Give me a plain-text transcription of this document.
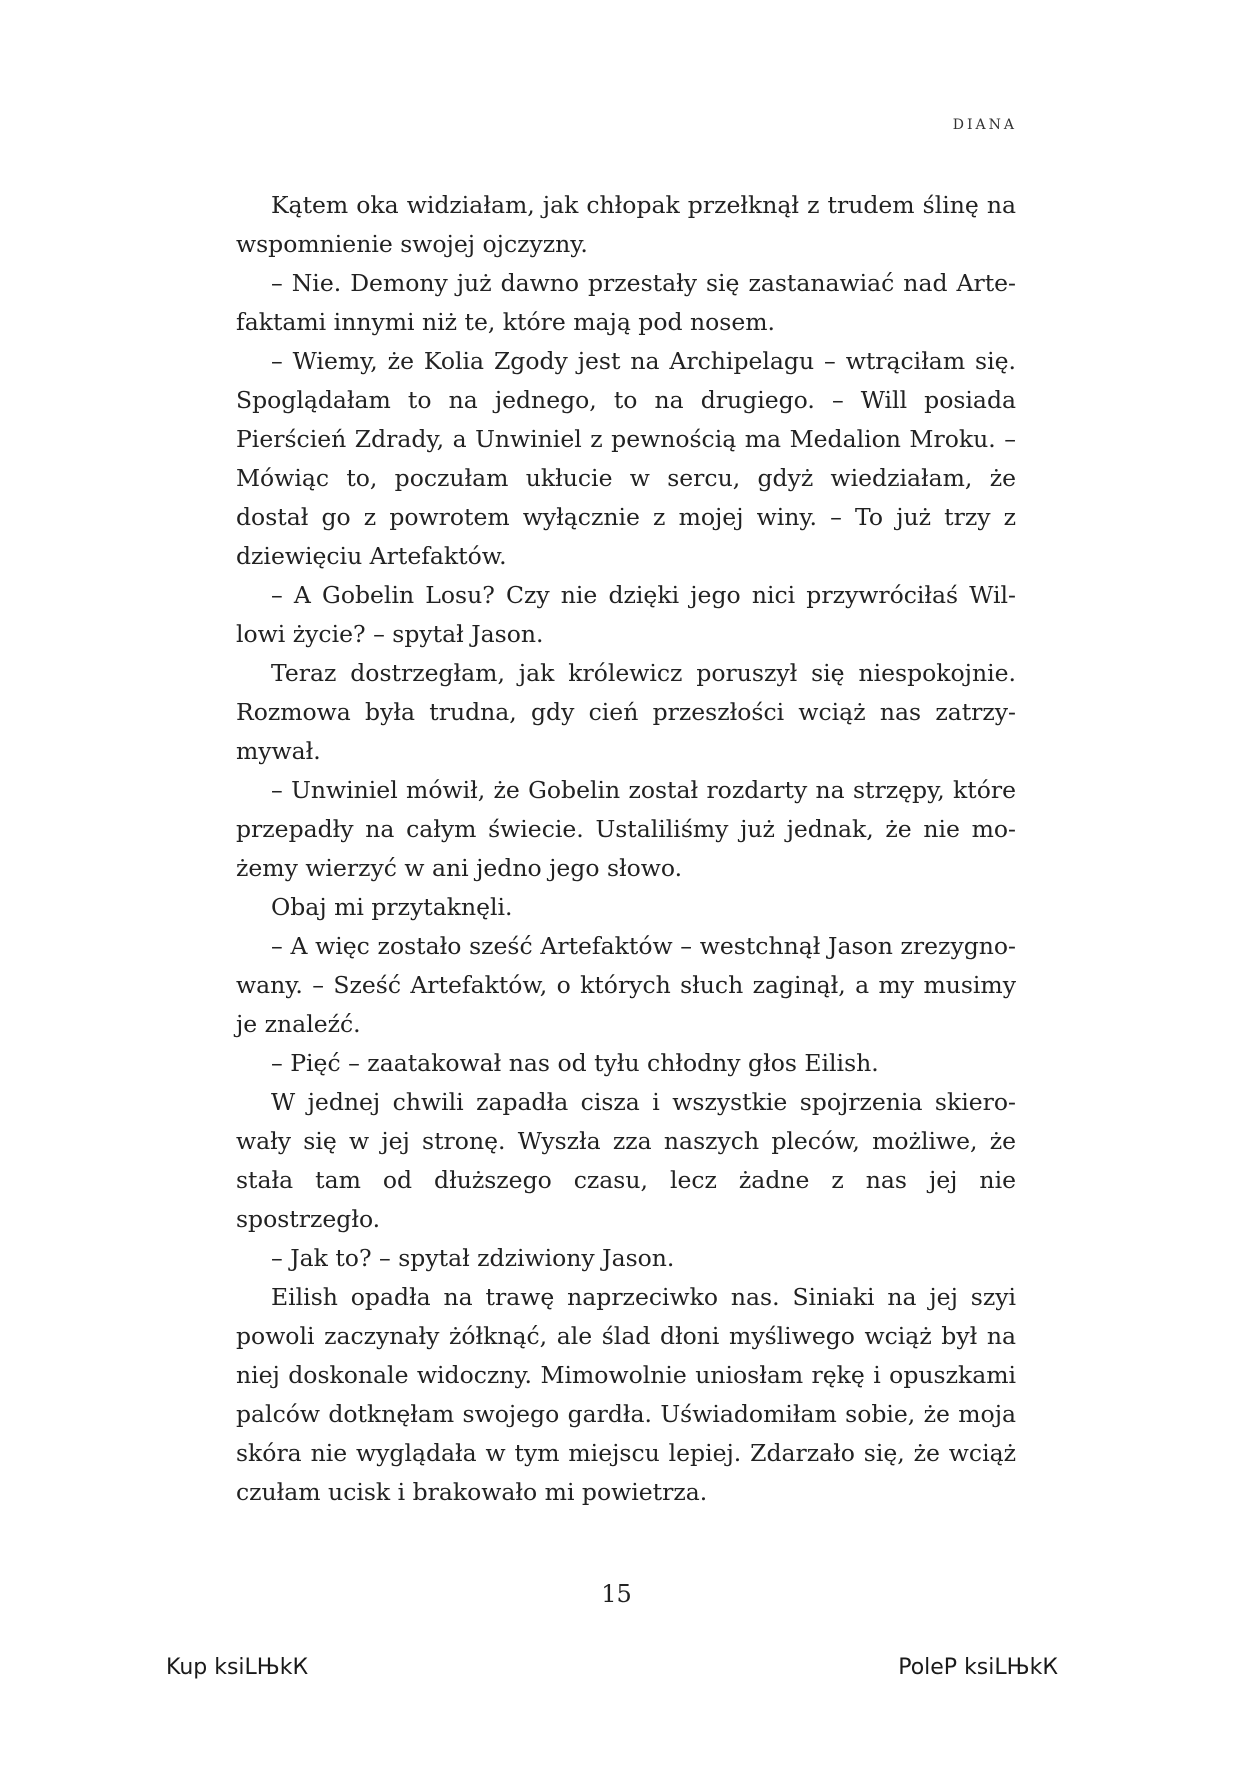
DIANA

Kątem oka widziałam, jak chłopak przełknął z trudem ślinę na wspomnienie swojej ojczyzny.

– Nie. Demony już dawno przestały się zastanawiać nad Artefaktami innymi niż te, które mają pod nosem.

– Wiemy, że Kolia Zgody jest na Archipelagu – wtrąciłam się. Spoglądałam to na jednego, to na drugiego. – Will posiada Pierścień Zdrady, a Unwiniel z pewnością ma Medalion Mroku. – Mówiąc to, poczułam ukłucie w sercu, gdyż wiedziałam, że dostał go z powrotem wyłącznie z mojej winy. – To już trzy z dziewięciu Artefaktów.

– A Gobelin Losu? Czy nie dzięki jego nici przywróciłaś Willowi życie? – spytał Jason.

Teraz dostrzegłam, jak królewicz poruszył się niespokojnie. Rozmowa była trudna, gdy cień przeszłości wciąż nas zatrzymywał.

– Unwiniel mówił, że Gobelin został rozdarty na strzępy, które przepadły na całym świecie. Ustaliliśmy już jednak, że nie możemy wierzyć w ani jedno jego słowo.

Obaj mi przytaknęli.

– A więc zostało sześć Artefaktów – westchnął Jason zrezygnowany. – Sześć Artefaktów, o których słuch zaginął, a my musimy je znaleźć.

– Pięć – zaatakował nas od tyłu chłodny głos Eilish.

W jednej chwili zapadła cisza i wszystkie spojrzenia skierowały się w jej stronę. Wyszła zza naszych pleców, możliwe, że stała tam od dłuższego czasu, lecz żadne z nas jej nie spostrzegło.

– Jak to? – spytał zdziwiony Jason.

Eilish opadła na trawę naprzeciwko nas. Siniaki na jej szyi powoli zaczynały żółknąć, ale ślad dłoni myśliwego wciąż był na niej doskonale widoczny. Mimowolnie uniosłam rękę i opuszkami palców dotknęłam swojego gardła. Uświadomiłam sobie, że moja skóra nie wyglądała w tym miejscu lepiej. Zdarzało się, że wciąż czułam ucisk i brakowało mi powietrza.

15
Kup ksiLЊkК	PoleР ksiLЊkК
